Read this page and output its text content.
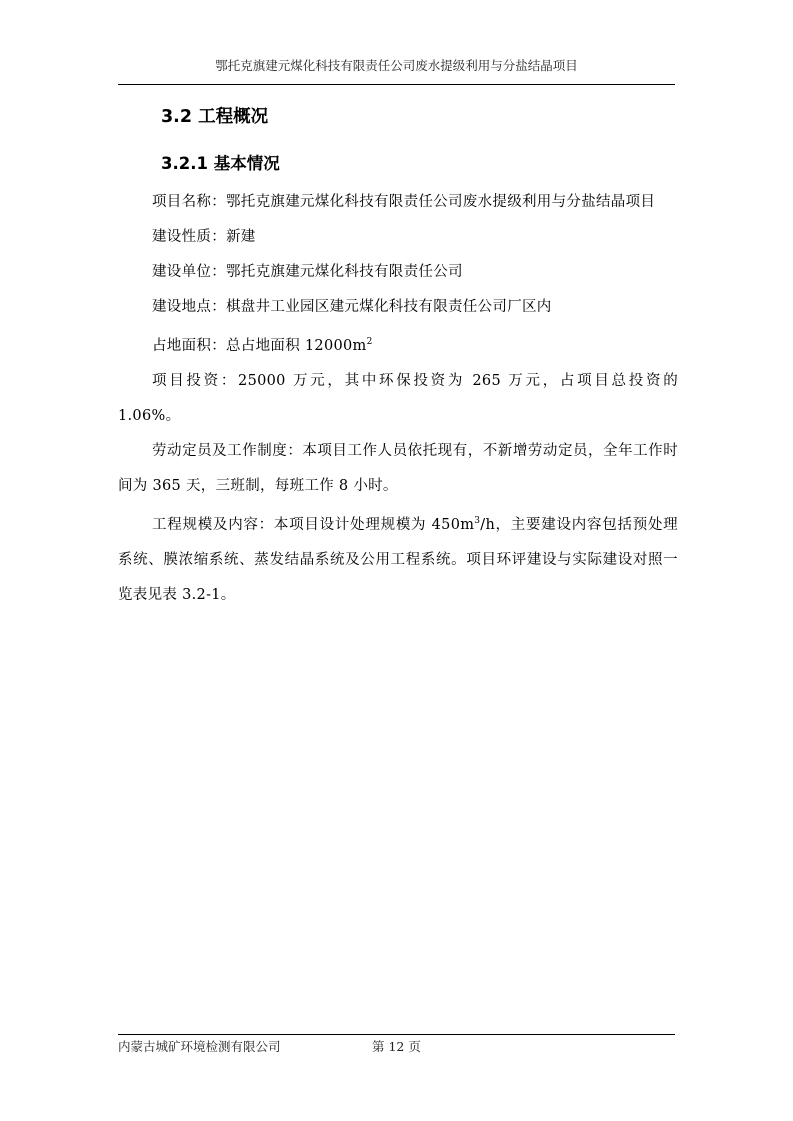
鄂托克旗建元煤化科技有限责任公司废水提级利用与分盐结晶项目
3.2 工程概况
3.2.1 基本情况

项目名称：鄂托克旗建元煤化科技有限责任公司废水提级利用与分盐结晶项目

建设性质：新建

建设单位：鄂托克旗建元煤化科技有限责任公司

建设地点：棋盘井工业园区建元煤化科技有限责任公司厂区内

占地面积：总占地面积 $12000m^2$

项目投资：25000 万元，其中环保投资为 265 万元，占项目总投资的 1.06%。

劳动定员及工作制度：本项目工作人员依托现有，不新增劳动定员，全年工作时间为 365 天，三班制，每班工作 8 小时。

工程规模及内容：本项目设计处理规模为 $450m^3/h$，主要建设内容包括预处理系统、膜浓缩系统、蒸发结晶系统及公用工程系统。项目环评建设与实际建设对照一览表见表 3.2-1。

内蒙古城矿环境检测有限公司	第 12 页
